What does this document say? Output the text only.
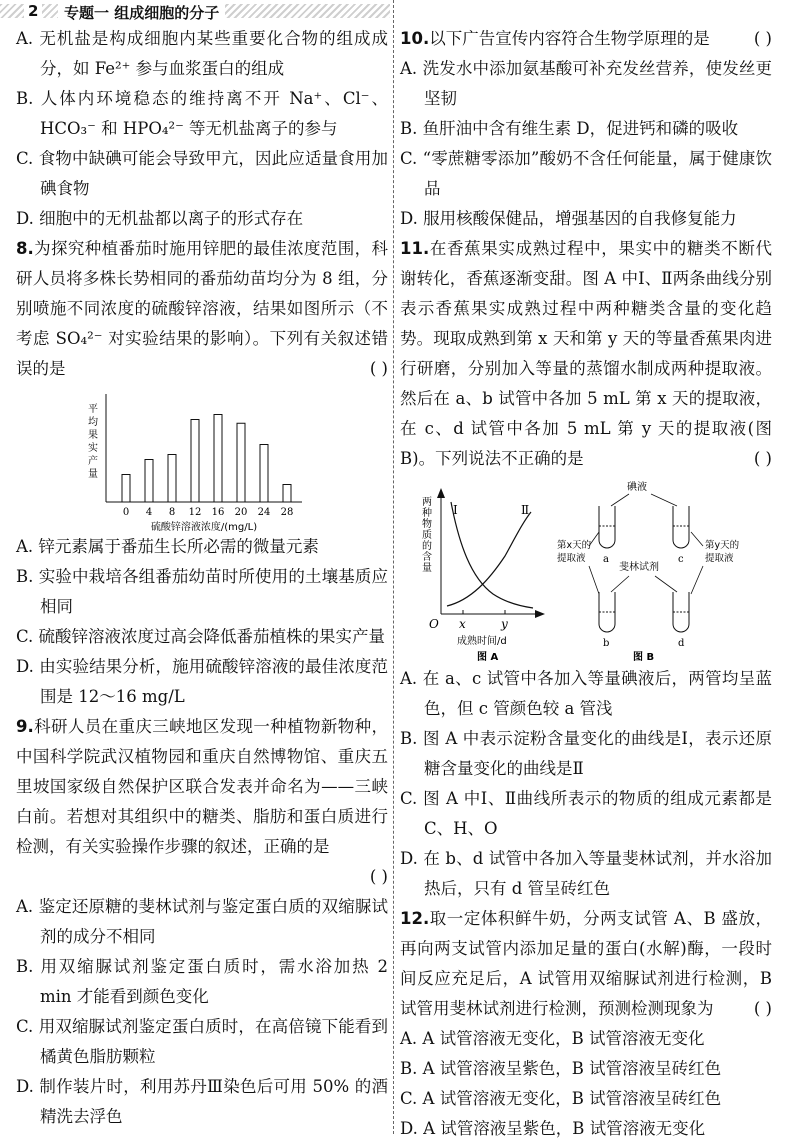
2	专题一 组成细胞的分子

A. 无机盐是构成细胞内某些重要化合物的组成成分，如 Fe²⁺ 参与血浆蛋白的组成

B. 人体内环境稳态的维持离不开 Na⁺、Cl⁻、HCO₃⁻ 和 HPO₄²⁻ 等无机盐离子的参与

C. 食物中缺碘可能会导致甲亢，因此应适量食用加碘食物

D. 细胞中的无机盐都以离子的形式存在

8.为探究种植番茄时施用锌肥的最佳浓度范围，科研人员将多株长势相同的番茄幼苗均分为 8 组，分别喷施不同浓度的硫酸锌溶液，结果如图所示（不考虑 SO₄²⁻ 对实验结果的影响）。下列有关叙述错误的是	( )

平
均
果
实
产
量
0 4 8 12 16 20 24 28
硫酸锌溶液浓度/(mg/L)

A. 锌元素属于番茄生长所必需的微量元素

B. 实验中栽培各组番茄幼苗时所使用的土壤基质应相同

C. 硫酸锌溶液浓度过高会降低番茄植株的果实产量

D. 由实验结果分析，施用硫酸锌溶液的最佳浓度范围是 12～16 mg/L

9.科研人员在重庆三峡地区发现一种植物新物种，中国科学院武汉植物园和重庆自然博物馆、重庆五里坡国家级自然保护区联合发表并命名为——三峡白前。若想对其组织中的糖类、脂肪和蛋白质进行检测，有关实验操作步骤的叙述，正确的是

( )

A. 鉴定还原糖的斐林试剂与鉴定蛋白质的双缩脲试剂的成分不相同

B. 用双缩脲试剂鉴定蛋白质时，需水浴加热 2 min 才能看到颜色变化

C. 用双缩脲试剂鉴定蛋白质时，在高倍镜下能看到橘黄色脂肪颗粒

D. 制作装片时，利用苏丹Ⅲ染色后可用 50% 的酒精洗去浮色

10.以下广告宣传内容符合生物学原理的是	( )

A. 洗发水中添加氨基酸可补充发丝营养，使发丝更坚韧

B. 鱼肝油中含有维生素 D，促进钙和磷的吸收

C. “零蔗糖零添加”酸奶不含任何能量，属于健康饮品

D. 服用核酸保健品，增强基因的自我修复能力

11.在香蕉果实成熟过程中，果实中的糖类不断代谢转化，香蕉逐渐变甜。图 A 中Ⅰ、Ⅱ两条曲线分别表示香蕉果实成熟过程中两种糖类含量的变化趋势。现取成熟到第 x 天和第 y 天的等量香蕉果肉进行研磨，分别加入等量的蒸馏水制成两种提取液。然后在 a、b 试管中各加 5 mL 第 x 天的提取液，在 c、d 试管中各加 5 mL 第 y 天的提取液(图B)。下列说法不正确的是	( )

Ⅰ	Ⅱ
O x	y
两种物质的含量
成熟时间/d
图 A
碘液
a	c
b	d
第x天的
提取液
第y天的
提取液
斐林试剂
图 B

A. 在 a、c 试管中各加入等量碘液后，两管均呈蓝色，但 c 管颜色较 a 管浅

B. 图 A 中表示淀粉含量变化的曲线是Ⅰ，表示还原糖含量变化的曲线是Ⅱ

C. 图 A 中Ⅰ、Ⅱ曲线所表示的物质的组成元素都是 C、H、O

D. 在 b、d 试管中各加入等量斐林试剂，并水浴加热后，只有 d 管呈砖红色

12.取一定体积鲜牛奶，分两支试管 A、B 盛放，再向两支试管内添加足量的蛋白(水解)酶，一段时间反应充足后，A 试管用双缩脲试剂进行检测，B 试管用斐林试剂进行检测，预测检测现象为 ( )

A. A 试管溶液无变化，B 试管溶液无变化

B. A 试管溶液呈紫色，B 试管溶液呈砖红色

C. A 试管溶液无变化，B 试管溶液呈砖红色

D. A 试管溶液呈紫色，B 试管溶液无变化
